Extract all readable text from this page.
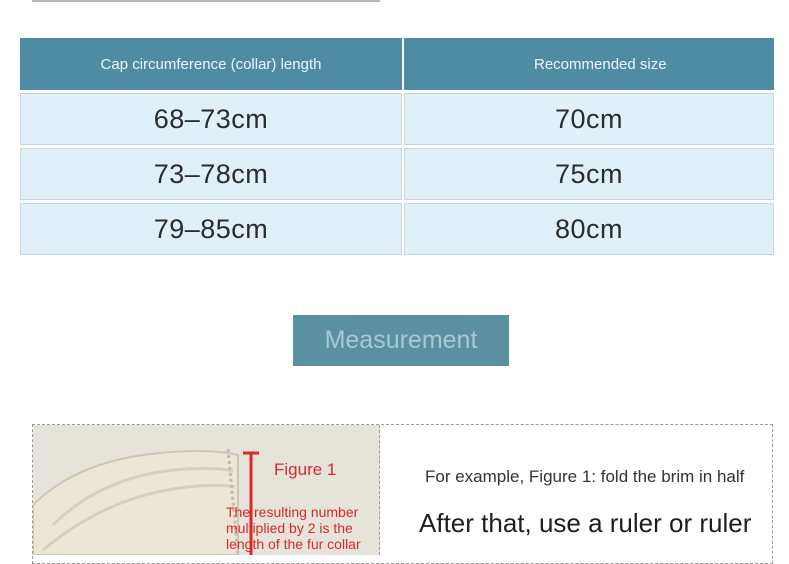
Cap circumference (collar) length	Recommended size
68–73cm	70cm
73–78cm	75cm
79–85cm	80cm
Measurement
Figure 1
The resulting number multiplied by 2 is the length of the fur collar
For example, Figure 1: fold the brim in half
After that, use a ruler or ruler
